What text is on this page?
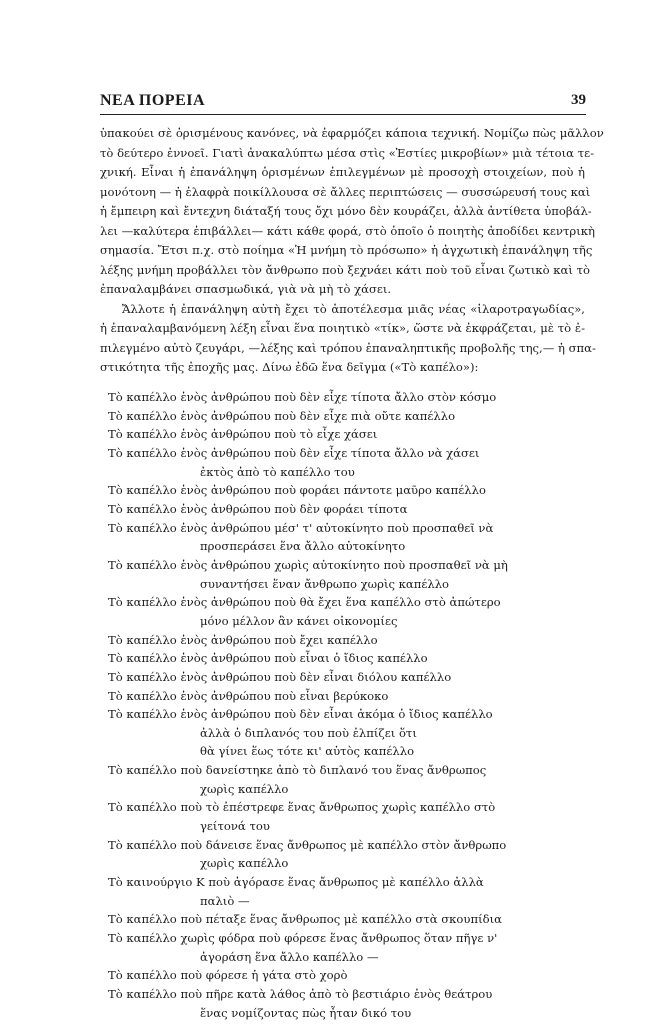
ΝΕΑ ΠΟΡΕΙΑ	39
ὑπακούει σὲ ὁρισμένους κανόνες, νὰ ἐφαρμόζει κάποια τεχνική. Νομίζω πὼς μᾶλλον
τὸ δεύτερο ἐννοεῖ. Γιατὶ ἀνακαλύπτω μέσα στὶς «Ἑστίες μικροβίων» μιὰ τέτοια τε-
χνική. Εἶναι ἡ ἐπανάληψη ὁρισμένων ἐπιλεγμένων μὲ προσοχὴ στοιχείων, ποὺ ἡ
μονότονη — ἡ ἐλαφρὰ ποικίλλουσα σὲ ἄλλες περιπτώσεις — συσσώρευσή τους καὶ
ἡ ἔμπειρη καὶ ἔντεχνη διάταξή τους ὄχι μόνο δὲν κουράζει, ἀλλὰ ἀντίθετα ὑποβάλ-
λει —καλύτερα ἐπιβάλλει— κάτι κάθε φορά, στὸ ὁποῖο ὁ ποιητὴς ἀποδίδει κεντρικὴ
σημασία. Ἔτσι π.χ. στὸ ποίημα «Ἡ μνήμη τὸ πρόσωπο» ἡ ἀγχωτικὴ ἐπανάληψη τῆς
λέξης μνήμη προβάλλει τὸν ἄνθρωπο ποὺ ξεχνάει κάτι ποὺ τοῦ εἶναι ζωτικὸ καὶ τὸ
ἐπαναλαμβάνει σπασμωδικά, γιὰ νὰ μὴ τὸ χάσει.
Ἄλλοτε ἡ ἐπανάληψη αὐτὴ ἔχει τὸ ἀποτέλεσμα μιᾶς νέας «ἱλαροτραγωδίας»,
ἡ ἐπαναλαμβανόμενη λέξη εἶναι ἕνα ποιητικὸ «τίκ», ὥστε νὰ ἐκφράζεται, μὲ τὸ ἐ-
πιλεγμένο αὐτὸ ζευγάρι, —λέξης καὶ τρόπου ἐπαναληπτικῆς προβολῆς της,— ἡ σπα-
στικότητα τῆς ἐποχῆς μας. Δίνω ἐδῶ ἕνα δεῖγμα («Τὸ καπέλο»):
Τὸ καπέλλο ἑνὸς ἀνθρώπου ποὺ δὲν εἶχε τίποτα ἄλλο στὸν κόσμο
Τὸ καπέλλο ἑνὸς ἀνθρώπου ποὺ δὲν εἶχε πιὰ οὔτε καπέλλο
Τὸ καπέλλο ἑνὸς ἀνθρώπου ποὺ τὸ εἶχε χάσει
Τὸ καπέλλο ἑνὸς ἀνθρώπου ποὺ δὲν εἶχε τίποτα ἄλλο νὰ χάσει
ἐκτὸς ἀπὸ τὸ καπέλλο του
Τὸ καπέλλο ἑνὸς ἀνθρώπου ποὺ φοράει πάντοτε μαῦρο καπέλλο
Τὸ καπέλλο ἑνὸς ἀνθρώπου ποὺ δὲν φοράει τίποτα
Τὸ καπέλλο ἑνὸς ἀνθρώπου μέσ' τ' αὐτοκίνητο ποὺ προσπαθεῖ νὰ
προσπεράσει ἕνα ἄλλο αὐτοκίνητο
Τὸ καπέλλο ἑνὸς ἀνθρώπου χωρὶς αὐτοκίνητο ποὺ προσπαθεῖ νὰ μὴ
συναντήσει ἕναν ἄνθρωπο χωρὶς καπέλλο
Τὸ καπέλλο ἑνὸς ἀνθρώπου ποὺ θὰ ἔχει ἕνα καπέλλο στὸ ἀπώτερο
μόνο μέλλον ἂν κάνει οἰκονομίες
Τὸ καπέλλο ἑνὸς ἀνθρώπου ποὺ ἔχει καπέλλο
Τὸ καπέλλο ἑνὸς ἀνθρώπου ποὺ εἶναι ὁ ἴδιος καπέλλο
Τὸ καπέλλο ἑνὸς ἀνθρώπου ποὺ δὲν εἶναι διόλου καπέλλο
Τὸ καπέλλο ἑνὸς ἀνθρώπου ποὺ εἶναι βερύκοκο
Τὸ καπέλλο ἑνὸς ἀνθρώπου ποὺ δὲν εἶναι ἀκόμα ὁ ἴδιος καπέλλο
ἀλλὰ ὁ διπλανός του ποὺ ἐλπίζει ὅτι
θὰ γίνει ἕως τότε κι' αὐτὸς καπέλλο
Τὸ καπέλλο ποὺ δανείστηκε ἀπὸ τὸ διπλανό του ἕνας ἄνθρωπος
χωρὶς καπέλλο
Τὸ καπέλλο ποὺ τὸ ἐπέστρεφε ἕνας ἄνθρωπος χωρὶς καπέλλο στὸ
γείτονά του
Τὸ καπέλλο ποὺ δάνεισε ἕνας ἄνθρωπος μὲ καπέλλο στὸν ἄνθρωπο
χωρὶς καπέλλο
Τὸ καινούργιο Κ ποὺ ἀγόρασε ἕνας ἄνθρωπος μὲ καπέλλο ἀλλὰ
παλιὸ —
Τὸ καπέλλο ποὺ πέταξε ἕνας ἄνθρωπος μὲ καπέλλο στὰ σκουπίδια
Τὸ καπέλλο χωρὶς φόδρα ποὺ φόρεσε ἕνας ἄνθρωπος ὅταν πῆγε ν'
ἀγοράση ἕνα ἄλλο καπέλλο —
Τὸ καπέλλο ποὺ φόρεσε ἡ γάτα στὸ χορὸ
Τὸ καπέλλο ποὺ πῆρε κατὰ λάθος ἀπὸ τὸ βεστιάριο ἑνὸς θεάτρου
ἕνας νομίζοντας πὼς ἦταν δικό του
